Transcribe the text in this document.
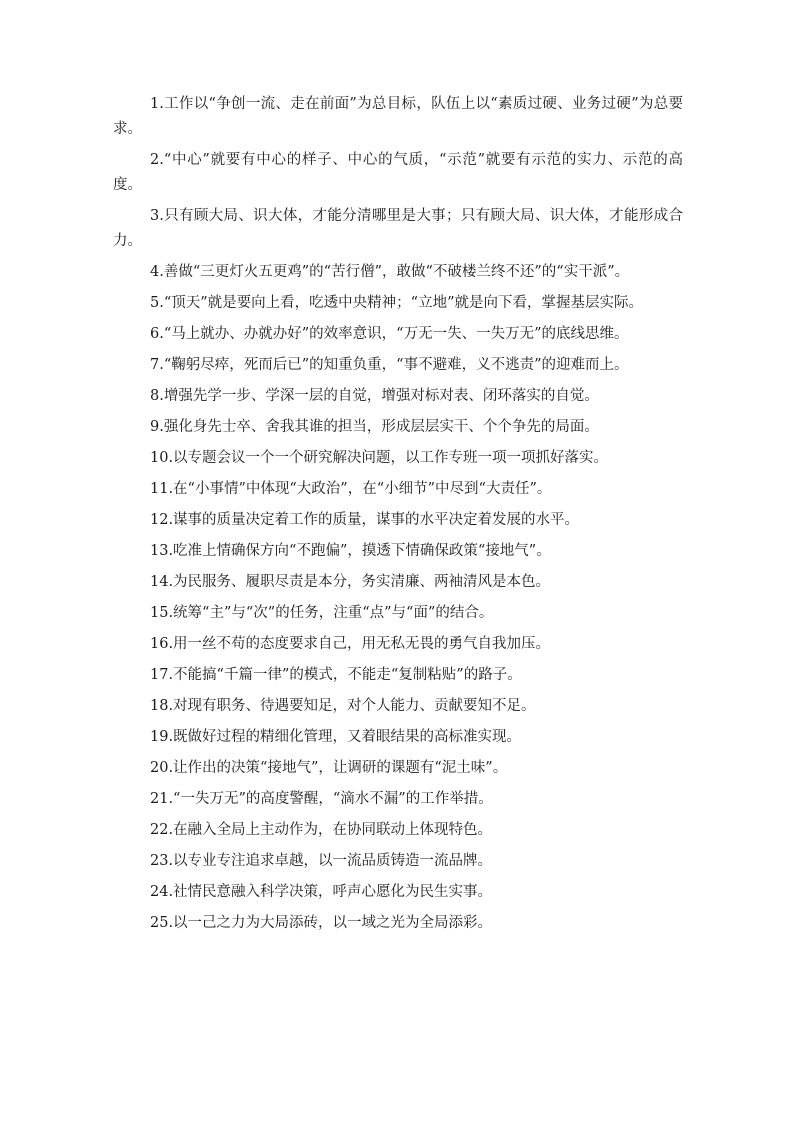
1.工作以“争创一流、走在前面”为总目标，队伍上以“素质过硬、业务过硬”为总要求。

2.“中心”就要有中心的样子、中心的气质，“示范”就要有示范的实力、示范的高度。

3.只有顾大局、识大体，才能分清哪里是大事；只有顾大局、识大体，才能形成合力。

4.善做“三更灯火五更鸡”的“苦行僧”，敢做“不破楼兰终不还”的“实干派”。

5.“顶天”就是要向上看，吃透中央精神；“立地”就是向下看，掌握基层实际。

6.“马上就办、办就办好”的效率意识，“万无一失、一失万无”的底线思维。

7.“鞠躬尽瘁，死而后已”的知重负重，“事不避难，义不逃责”的迎难而上。

8.增强先学一步、学深一层的自觉，增强对标对表、闭环落实的自觉。

9.强化身先士卒、舍我其谁的担当，形成层层实干、个个争先的局面。

10.以专题会议一个一个研究解决问题，以工作专班一项一项抓好落实。

11.在“小事情”中体现“大政治”，在“小细节”中尽到“大责任”。

12.谋事的质量决定着工作的质量，谋事的水平决定着发展的水平。

13.吃准上情确保方向“不跑偏”，摸透下情确保政策“接地气”。

14.为民服务、履职尽责是本分，务实清廉、两袖清风是本色。

15.统筹“主”与“次”的任务，注重“点”与“面”的结合。

16.用一丝不苟的态度要求自己，用无私无畏的勇气自我加压。

17.不能搞“千篇一律”的模式，不能走“复制粘贴”的路子。

18.对现有职务、待遇要知足，对个人能力、贡献要知不足。

19.既做好过程的精细化管理，又着眼结果的高标准实现。

20.让作出的决策“接地气”，让调研的课题有“泥土味”。

21.“一失万无”的高度警醒，“滴水不漏”的工作举措。

22.在融入全局上主动作为，在协同联动上体现特色。

23.以专业专注追求卓越，以一流品质铸造一流品牌。

24.社情民意融入科学决策，呼声心愿化为民生实事。

25.以一己之力为大局添砖，以一域之光为全局添彩。
